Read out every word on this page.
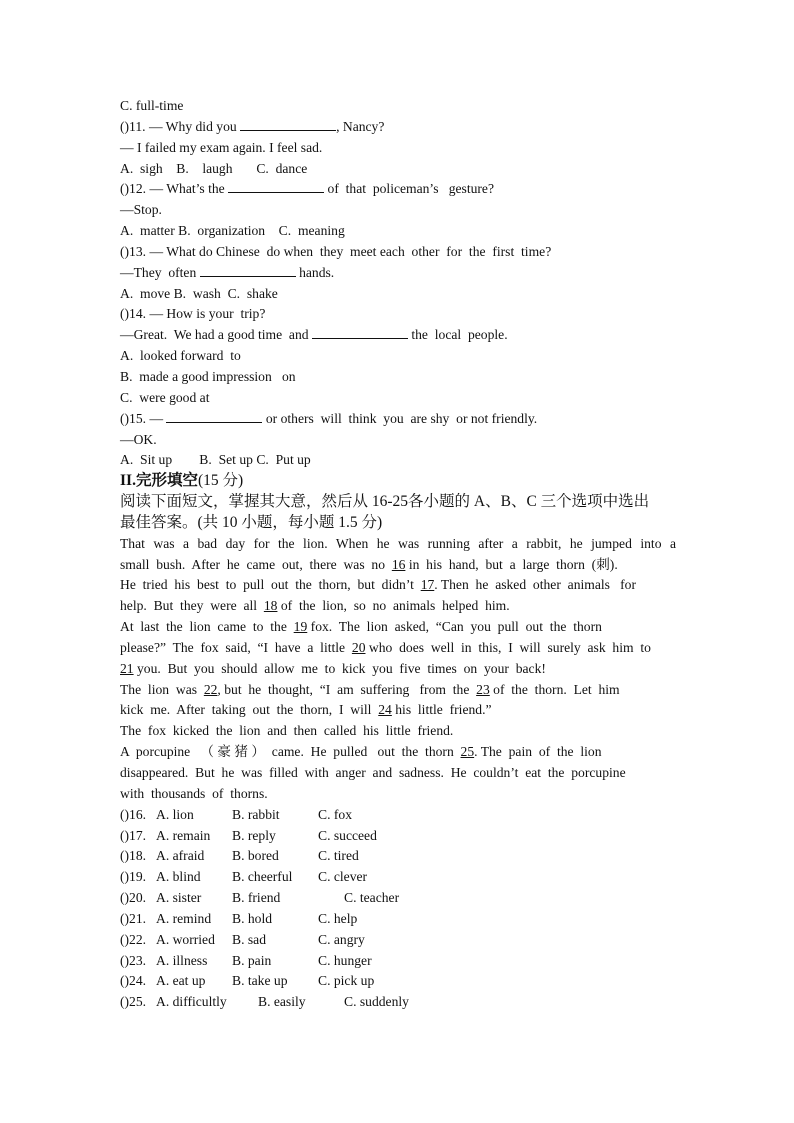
C. full-time
()11. — Why did you	, Nancy?
— I failed my exam again. I feel sad.
A.  sigh    B.    laugh       C.  dance
()12. — What’s the	of  that  policeman’s   gesture?
—Stop.
A.  matter B.  organization    C.  meaning
()13. — What do Chinese  do when  they  meet each  other  for  the  first  time?
—They  often	hands.
A.  move B.  wash  C.  shake
()14. — How is your  trip?
—Great.  We had a good time  and	the  local  people.
A.  looked forward  to
B.  made a good impression   on
C.  were good at
()15. —	or others  will  think  you  are shy  or not friendly.
—OK.
A.  Sit up        B.  Set up C.  Put up
II.完形填空(15 分)
阅读下面短文，掌握其大意，然后从 16-25各小题的 A、B、C 三个选项中选出
最佳答案。(共 10 小题，每小题 1.5 分)
That was a bad day for the lion. When he was running after a rabbit, he jumped into a
small  bush.  After  he  came  out,  there  was  no 16 in  his  hand,  but  a  large  thorn  (刺).
He  tried  his  best  to  pull  out  the  thorn,  but  didn’t 17. Then  he  asked  other  animals   for
help.  But  they  were  all 18 of  the  lion,  so  no  animals  helped  him.
At  last  the  lion  came  to  the 19 fox.  The  lion  asked,  “Can  you  pull  out  the  thorn
please?”  The  fox  said,  “I  have  a  little 20 who  does  well  in  this,  I  will  surely  ask  him  to
21 you.  But  you  should  allow  me  to  kick  you  five  times  on  your  back!
The  lion  was 22, but  he  thought,  “I  am  suffering   from  the 23 of  the  thorn.  Let  him
kick  me.  After  taking  out  the  thorn,  I  will 24 his  little  friend.”
The  fox  kicked  the  lion  and  then  called  his  little  friend.
A  porcupine   （ 豪 猪 ）  came.  He  pulled   out  the  thorn 25. The  pain  of  the  lion
disappeared.  But  he  was  filled  with  anger  and  sadness.  He  couldn’t  eat  the  porcupine
with  thousands  of  thorns.
()16. A. lion	B. rabbit	C. fox
()17. A. remain B. reply	C. succeed
()18. A. afraid B. bored	C. tired
()19. A. blind B. cheerful C. clever
()20. A. sister B. friend	C. teacher
()21. A. remind B. hold	C. help
()22. A. worried B. sad	C. angry
()23. A. illness B. pain	C. hunger
()24. A. eat up B. take up C. pick up
()25. A. difficultly B. easily	C. suddenly
